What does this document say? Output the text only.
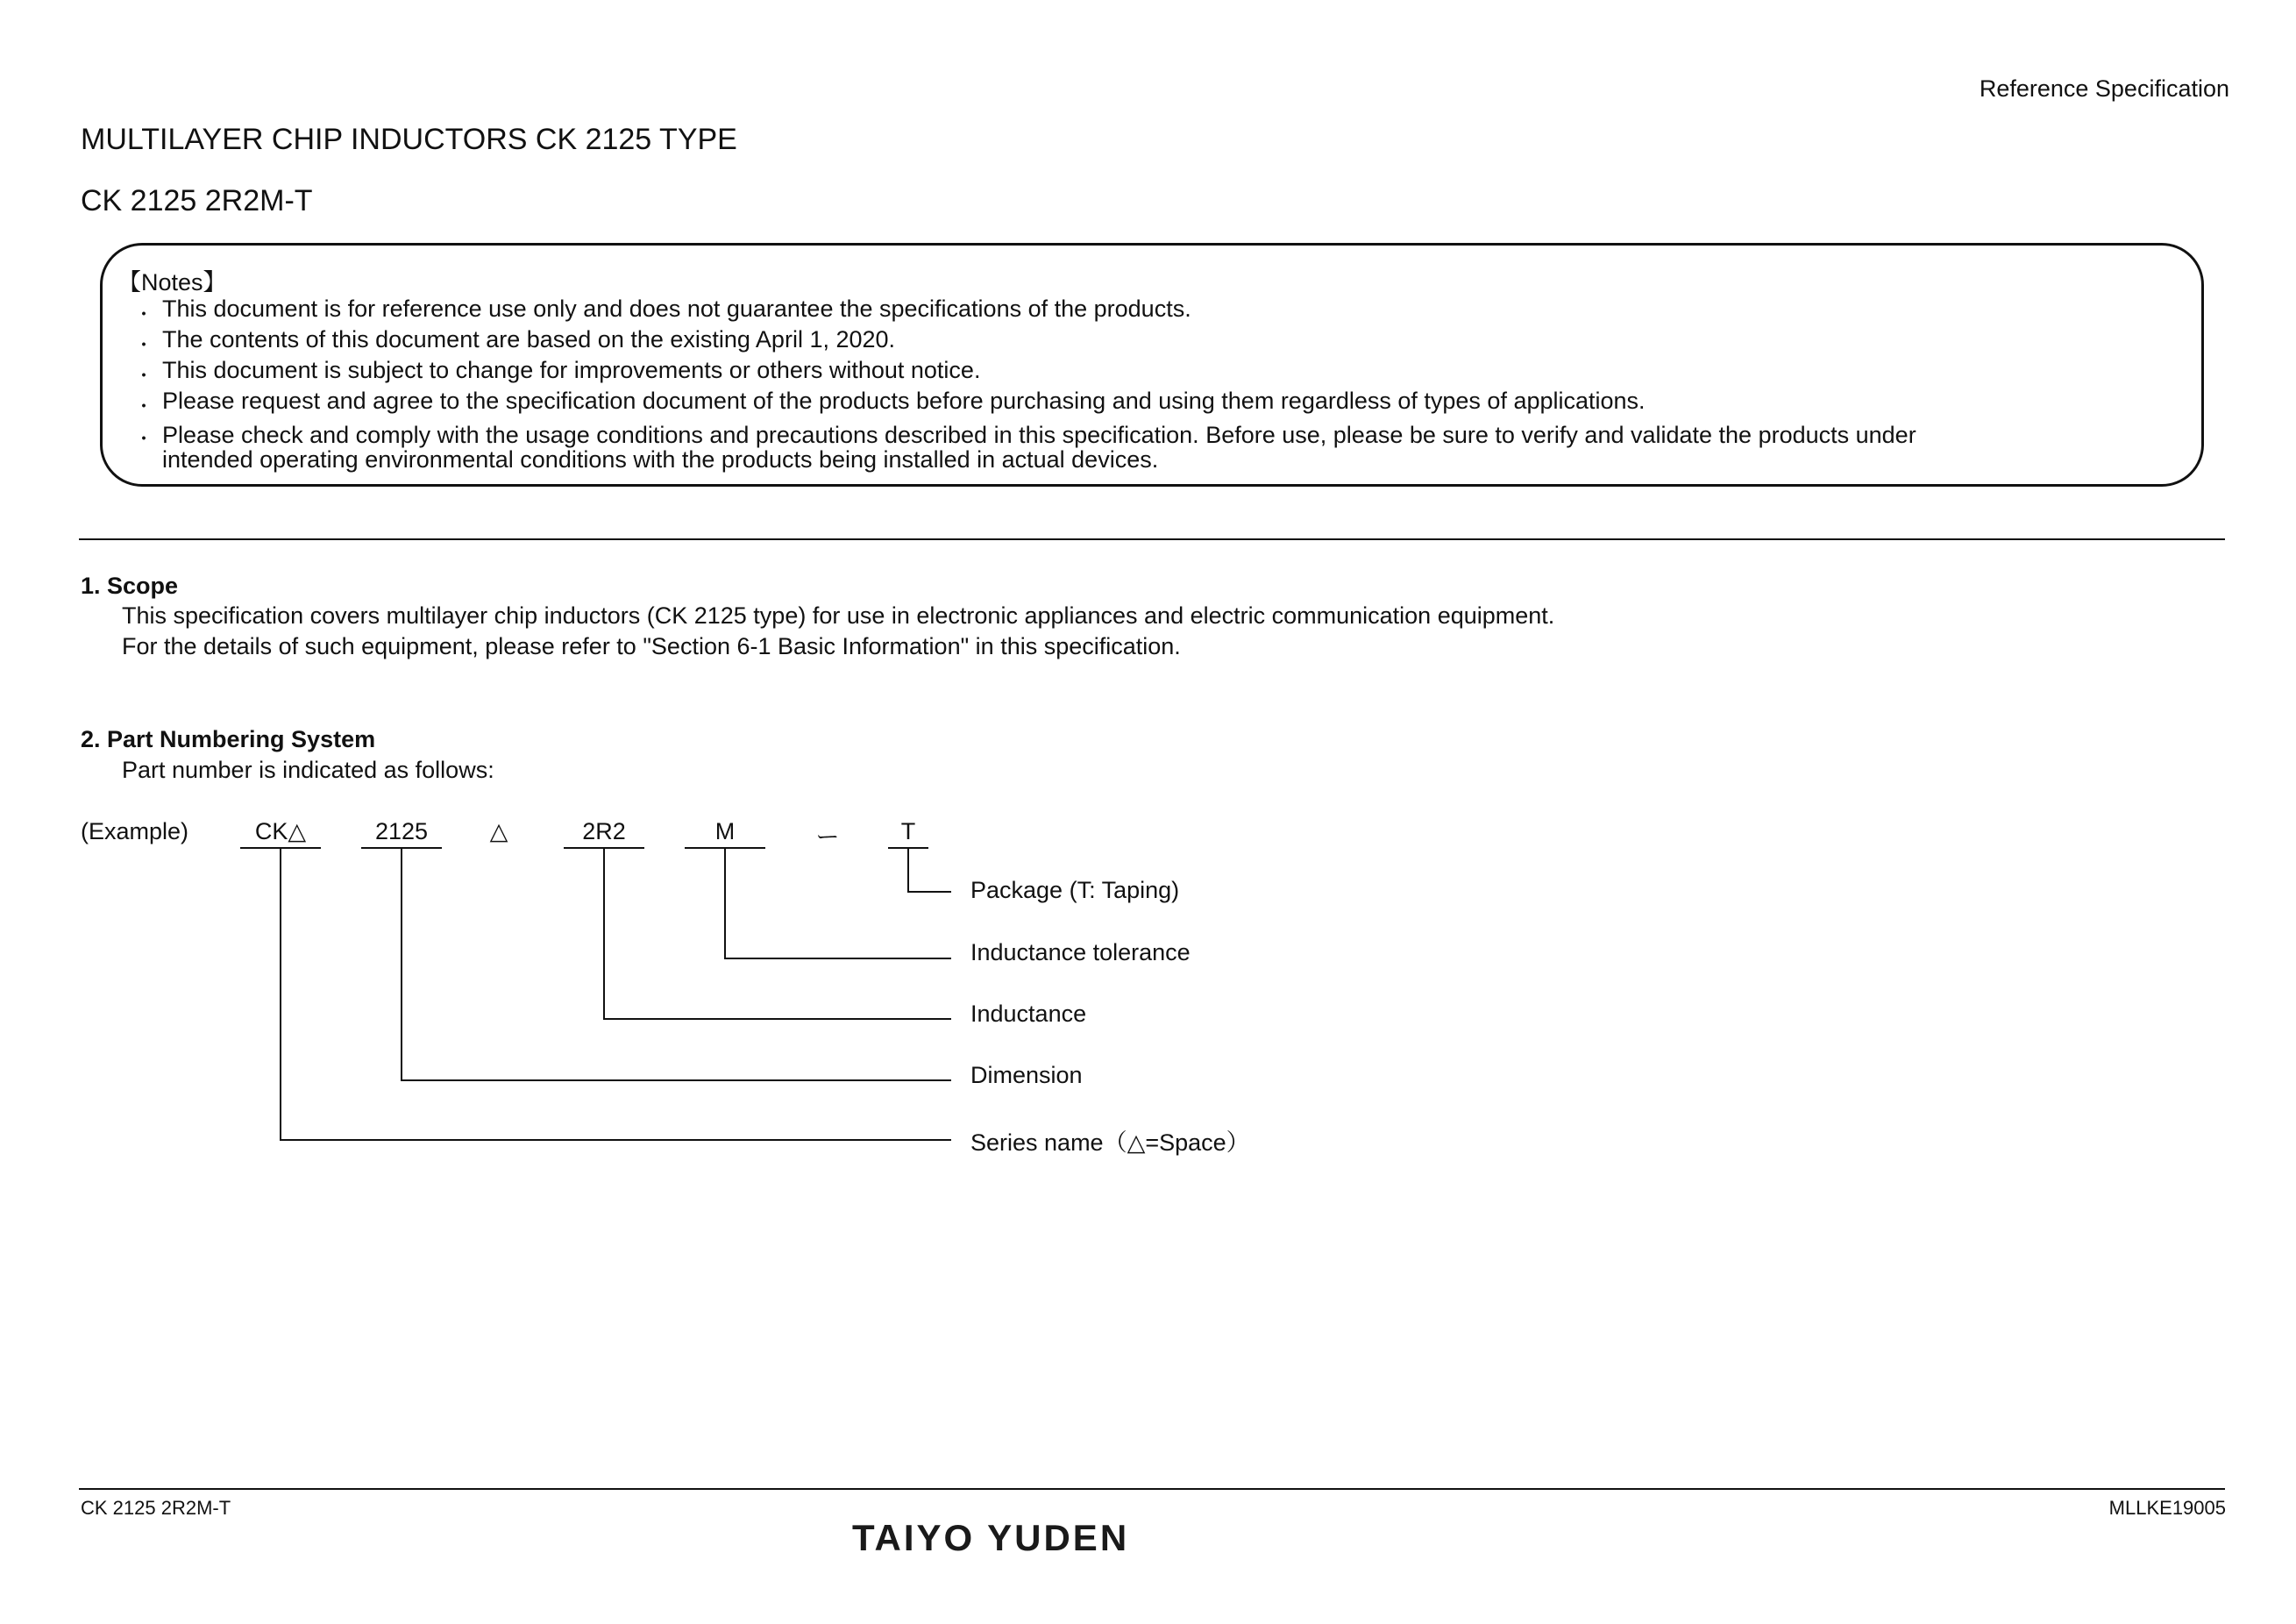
Reference Specification
MULTILAYER CHIP INDUCTORS CK 2125 TYPE
CK 2125 2R2M-T
【Notes】
・ This document is for reference use only and does not guarantee the specifications of the products.
・ The contents of this document are based on the existing April 1, 2020.
・ This document is subject to change for improvements or others without notice.
・ Please request and agree to the specification document of the products before purchasing and using them regardless of types of applications.
・ Please check and comply with the usage conditions and precautions described in this specification. Before use, please be sure to verify and validate the products under
intended operating environmental conditions with the products being installed in actual devices.
1. Scope
This specification covers multilayer chip inductors (CK 2125 type) for use in electronic appliances and electric communication equipment.
For the details of such equipment, please refer to "Section 6-1 Basic Information" in this specification.
2. Part Numbering System
Part number is indicated as follows:
(Example)	CK△	2125	△	2R2	M	ー	T
Package (T: Taping)
Inductance tolerance
Inductance
Dimension
Series name（△=Space）
CK 2125 2R2M-T	MLLKE19005
TAIYO YUDEN
